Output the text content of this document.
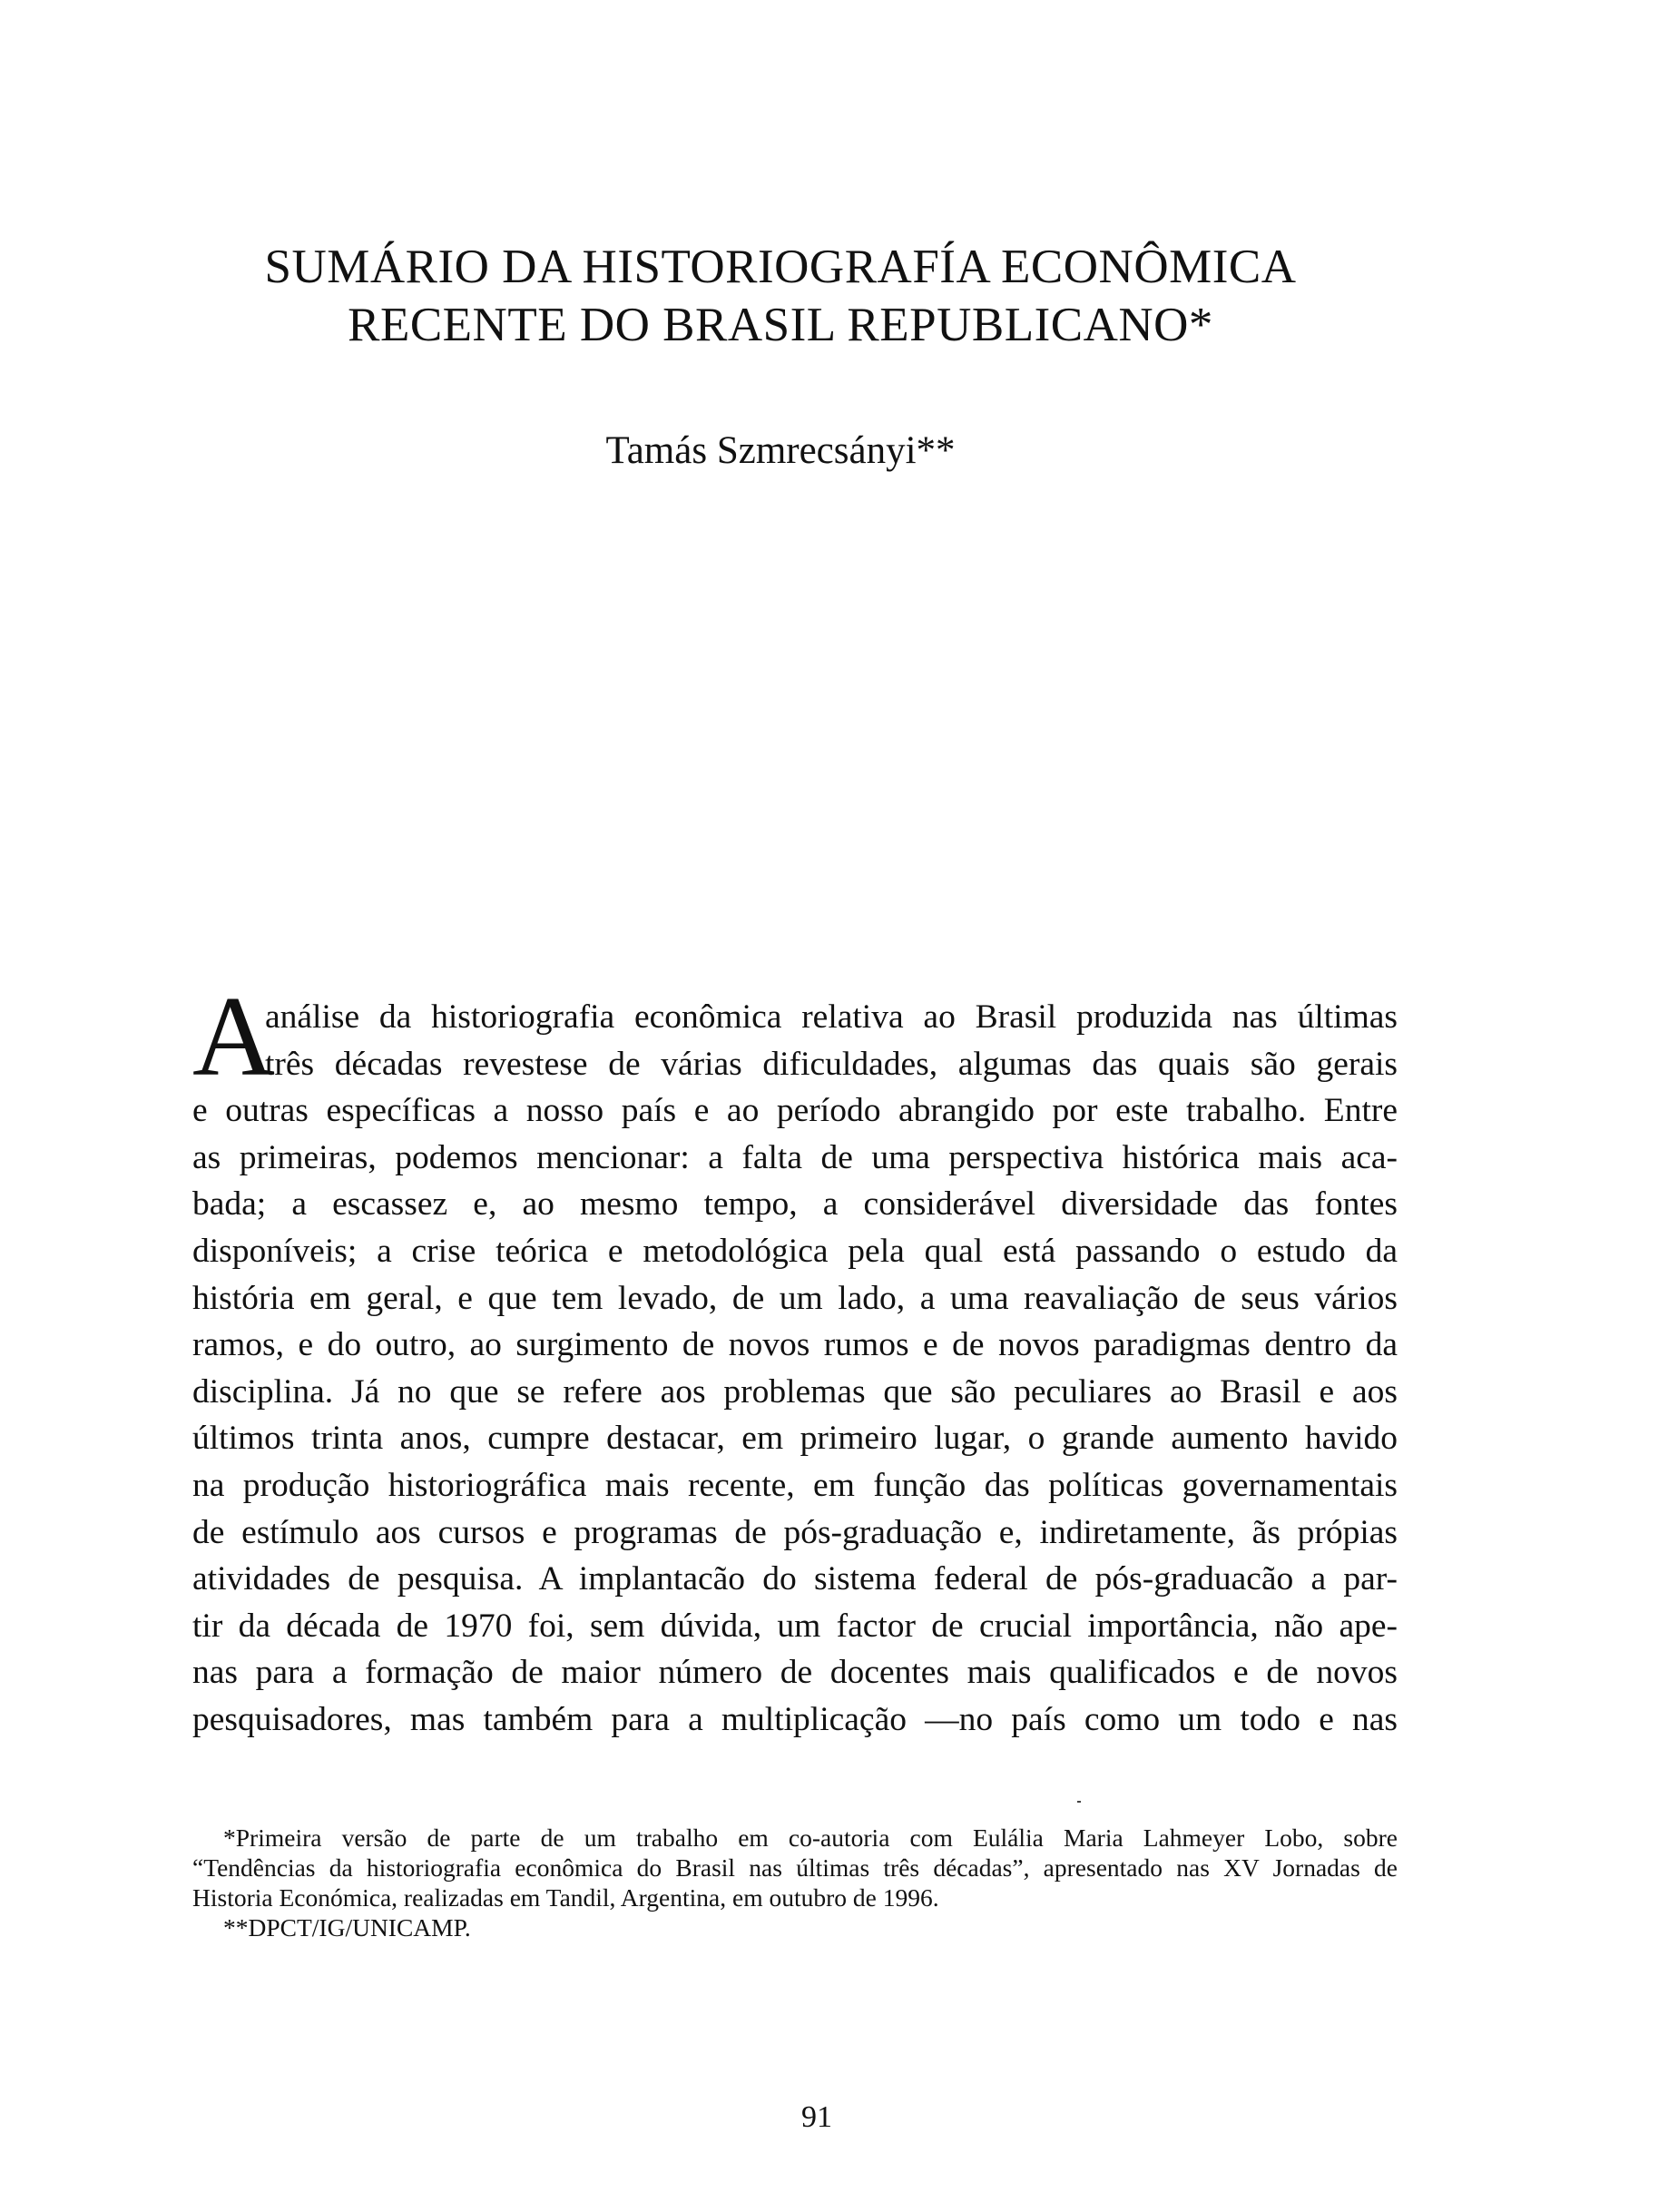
SUMÁRIO DA HISTORIOGRAFÍA ECONÔMICA
RECENTE DO BRASIL REPUBLICANO*
Tamás Szmrecsányi**
A
análise da historiografia econômica relativa ao Brasil produzida nas últimas
três décadas revestese de várias dificuldades, algumas das quais são gerais
e outras específicas a nosso país e ao período abrangido por este trabalho. Entre
as primeiras, podemos mencionar: a falta de uma perspectiva histórica mais aca-
bada; a escassez e, ao mesmo tempo, a considerável diversidade das fontes
disponíveis; a crise teórica e metodológica pela qual está passando o estudo da
história em geral, e que tem levado, de um lado, a uma reavaliação de seus vários
ramos, e do outro, ao surgimento de novos rumos e de novos paradigmas dentro da
disciplina. Já no que se refere aos problemas que são peculiares ao Brasil e aos
últimos trinta anos, cumpre destacar, em primeiro lugar, o grande aumento havido
na produção historiográfica mais recente, em função das políticas governamentais
de estímulo aos cursos e programas de pós-graduação e, indiretamente, ãs própias
atividades de pesquisa. A implantacão do sistema federal de pós-graduacão a par-
tir da década de 1970 foi, sem dúvida, um factor de crucial importância, não ape-
nas para a formação de maior número de docentes mais qualificados e de novos
pesquisadores, mas também para a multiplicação —no país como um todo e nas
*Primeira versão de parte de um trabalho em co-autoria com Eulália Maria Lahmeyer Lobo, sobre
“Tendências da historiografia econômica do Brasil nas últimas três décadas”, apresentado nas XV Jornadas de
Historia Económica, realizadas em Tandil, Argentina, em outubro de 1996.
**DPCT/IG/UNICAMP.
91
